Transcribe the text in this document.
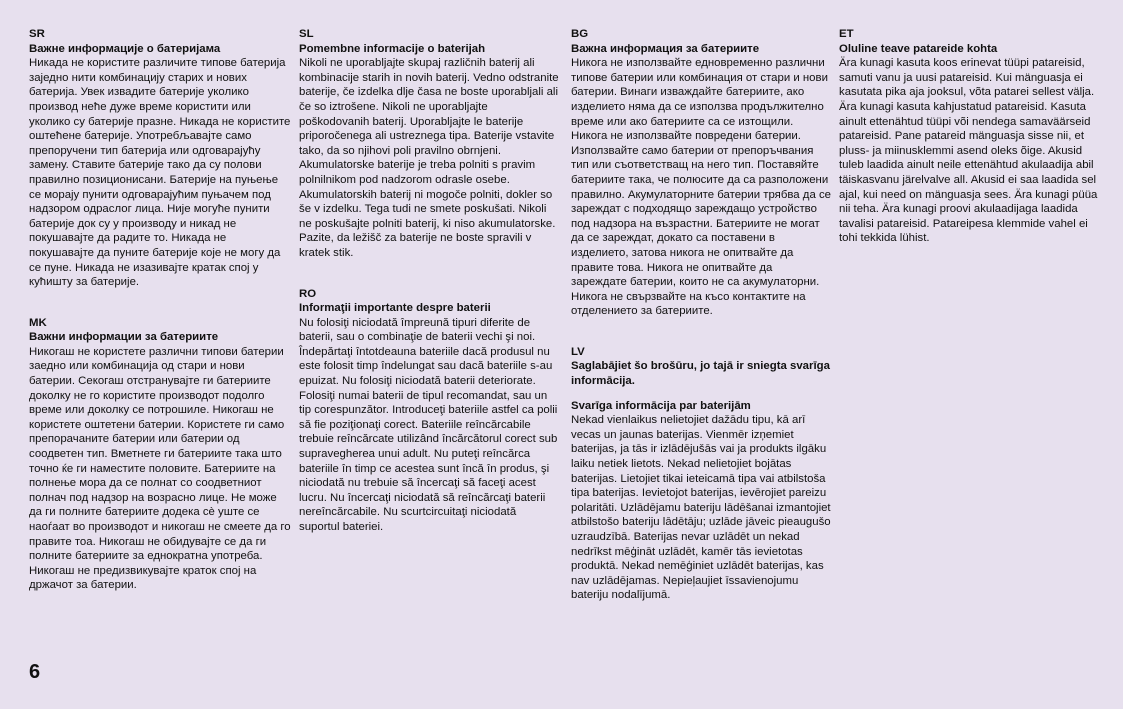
SR
Важне информације о батеријама
Никада не користите различите типове батерија заједно нити комбинацију старих и нових батерија. Увек извадите батерије уколико производ неће дуже време користити или уколико су батерије празне. Никада не користите оштећене батерије. Употребљавајте само препоручени тип батерија или одговарајућу замену. Ставите батерије тако да су полови правилно позиционисани. Батерије на пуњење се морају пунити одговарајућим пуњачем под надзором одраслог лица. Није могуће пунити батерије док су у производу и никад не покушавајте да радите то. Никада не покушавајте да пуните батерије које не могу да се пуне. Никада не изазивајте кратак спој у кућишту за батерије.
MK
Важни информации за батериите
Никогаш не користете различни типови батерии заедно или комбинација од стари и нови батерии. Секогаш отстранувајте ги батериите доколку не го користите производот подолго време или доколку се потрошиле. Никогаш не користете оштетени батерии. Користете ги само препорачаните батерии или батерии од соодветен тип. Вметнете ги батериите така што точно ќе ги наместите половите. Батериите на полнење мора да се полнат со соодветниот полнач под надзор на возрасно лице. Не може да ги полните батериите додека сè уште се наоѓаат во производот и никогаш не смеете да го правите тоа. Никогаш не обидувајте се да ги полните батериите за еднократна употреба. Никогаш не предизвикувајте краток спој на држачот за батерии.
SL
Pomembne informacije o baterijah
Nikoli ne uporabljajte skupaj različnih baterij ali kombinacije starih in novih baterij. Vedno odstranite baterije, če izdelka dlje časa ne boste uporabljali ali če so iztrošene. Nikoli ne uporabljajte poškodovanih baterij. Uporabljajte le baterije priporočenega ali ustreznega tipa. Baterije vstavite tako, da so njihovi poli pravilno obrnjeni. Akumulatorske baterije je treba polniti s pravim polnilnikom pod nadzorom odrasle osebe. Akumulatorskih baterij ni mogoče polniti, dokler so še v izdelku. Tega tudi ne smete poskušati. Nikoli ne poskušajte polniti baterij, ki niso akumulatorske. Pazite, da ležišč za baterije ne boste spravili v kratek stik.
RO
Informaţii importante despre baterii
Nu folosiţi niciodată împreună tipuri diferite de baterii, sau o combinaţie de baterii vechi şi noi. Îndepărtaţi întotdeauna bateriile dacă produsul nu este folosit timp îndelungat sau dacă bateriile s-au epuizat. Nu folosiţi niciodată baterii deteriorate. Folosiţi numai baterii de tipul recomandat, sau un tip corespunzător. Introduceţi bateriile astfel ca polii să fie poziţionaţi corect. Bateriile reîncărcabile trebuie reîncărcate utilizând încărcătorul corect sub supravegherea unui adult. Nu puteţi reîncărca bateriile în timp ce acestea sunt încă în produs, şi niciodată nu trebuie să încercaţi să faceţi acest lucru. Nu încercaţi niciodată să reîncărcaţi baterii nereîncărcabile. Nu scurtcircuitaţi niciodată suportul bateriei.
BG
Важна информация за батериите
Никога не използвайте едновременно различни типове батерии или комбинация от стари и нови батерии. Винаги изваждайте батериите, ако изделието няма да се използва продължително време или ако батериите са се изтощили. Никога не използвайте повредени батерии. Използвайте само батерии от препоръчвания тип или съответстващ на него тип. Поставяйте батериите така, че полюсите да са разположени правилно. Акумулаторните батерии трябва да се зареждат с подходящо зареждащо устройство под надзора на възрастни. Батериите не могат да се зареждат, докато са поставени в изделието, затова никога не опитвайте да правите това. Никога не опитвайте да зареждате батерии, които не са акумулаторни. Никога не свързвайте на късо контактите на отделението за батериите.
LV
Saglabājiet šo brošūru, jo tajā ir sniegta svarīga informācija.
Svarīga informācija par baterijām
Nekad vienlaikus nelietojiet dažādu tipu, kā arī vecas un jaunas baterijas. Vienmēr izņemiet baterijas, ja tās ir izlādējušās vai ja produkts ilgāku laiku netiek lietots. Nekad nelietojiet bojātas baterijas. Lietojiet tikai ieteicamā tipa vai atbilstoša tipa baterijas. Ievietojot baterijas, ievērojiet pareizu polaritāti. Uzlādējamu bateriju lādēšanai izmantojiet atbilstošo bateriju lādētāju; uzlāde jāveic pieaugušo uzraudzībā. Baterijas nevar uzlādēt un nekad nedrīkst mēģināt uzlādēt, kamēr tās ievietotas produktā. Nekad nemēģiniet uzlādēt baterijas, kas nav uzlādējamas. Nepieļaujiet īssavienojumu bateriju nodalījumā.
ET
Oluline teave patareide kohta
Ära kunagi kasuta koos erinevat tüüpi patareisid, samuti vanu ja uusi patareisid. Kui mänguasja ei kasutata pika aja jooksul, võta patarei sellest välja. Ära kunagi kasuta kahjustatud patareisid. Kasuta ainult ettenähtud tüüpi või nendega samaväärseid patareisid. Pane patareid mänguasja sisse nii, et pluss- ja miinusklemmi asend oleks õige. Akusid tuleb laadida ainult neile ettenähtud akulaadija abil täiskasvanu järelvalve all. Akusid ei saa laadida sel ajal, kui need on mänguasja sees. Ära kunagi püüa nii teha. Ära kunagi proovi akulaadijaga laadida tavalisi patareisid. Patareipesa klemmide vahel ei tohi tekkida lühist.
6
